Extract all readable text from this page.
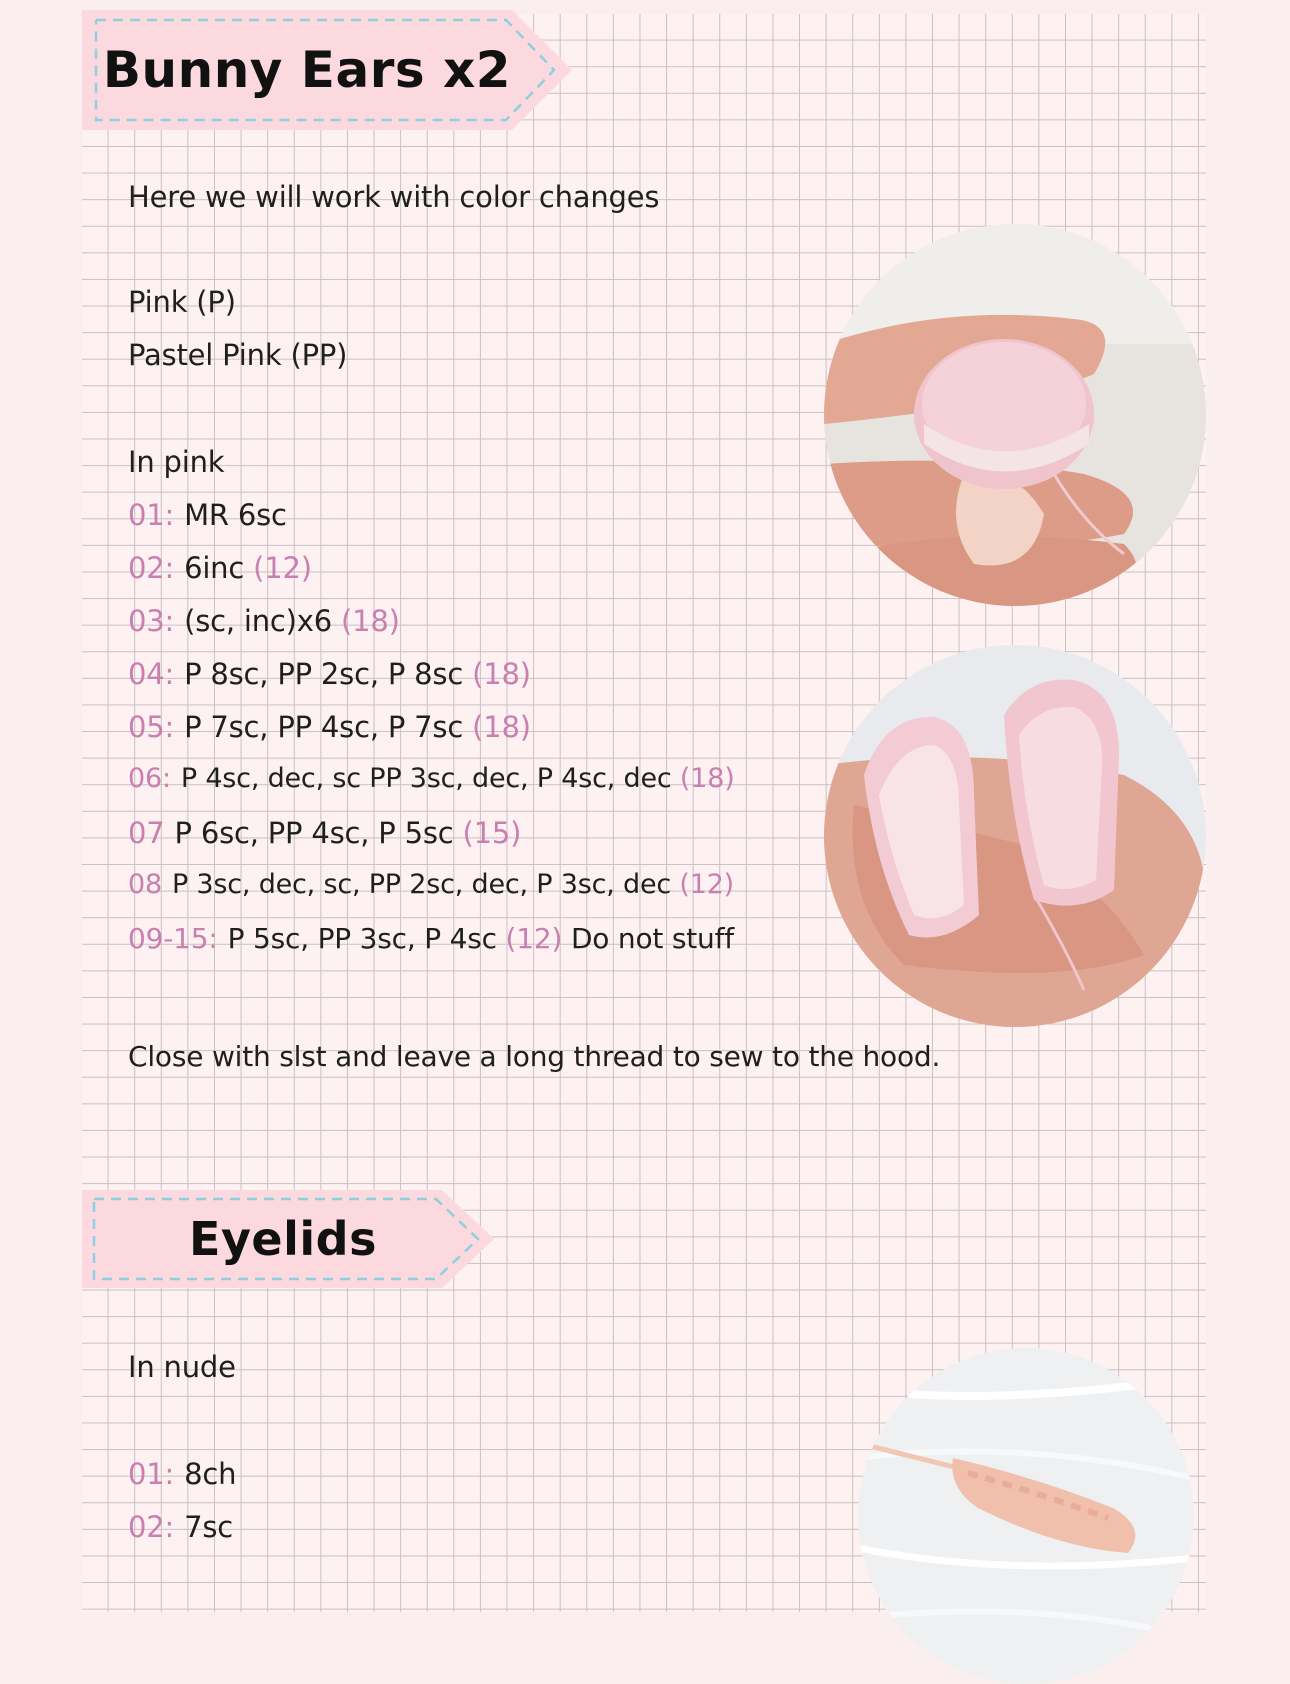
Bunny Ears x2
Here we will work with color changes
Pink (P)
Pastel Pink (PP)
In pink
01: MR 6sc
02: 6inc (12)
03: (sc, inc)x6 (18)
04: P 8sc, PP 2sc, P 8sc (18)
05: P 7sc, PP 4sc, P 7sc (18)
06: P 4sc, dec, sc PP 3sc, dec, P 4sc, dec (18)
07 P 6sc, PP 4sc, P 5sc (15)
08 P 3sc, dec, sc, PP 2sc, dec, P 3sc, dec (12)
09-15: P 5sc, PP 3sc, P 4sc (12) Do not stuff
Close with slst and leave a long thread to sew to the hood.
Eyelids
In nude
01: 8ch
02: 7sc
